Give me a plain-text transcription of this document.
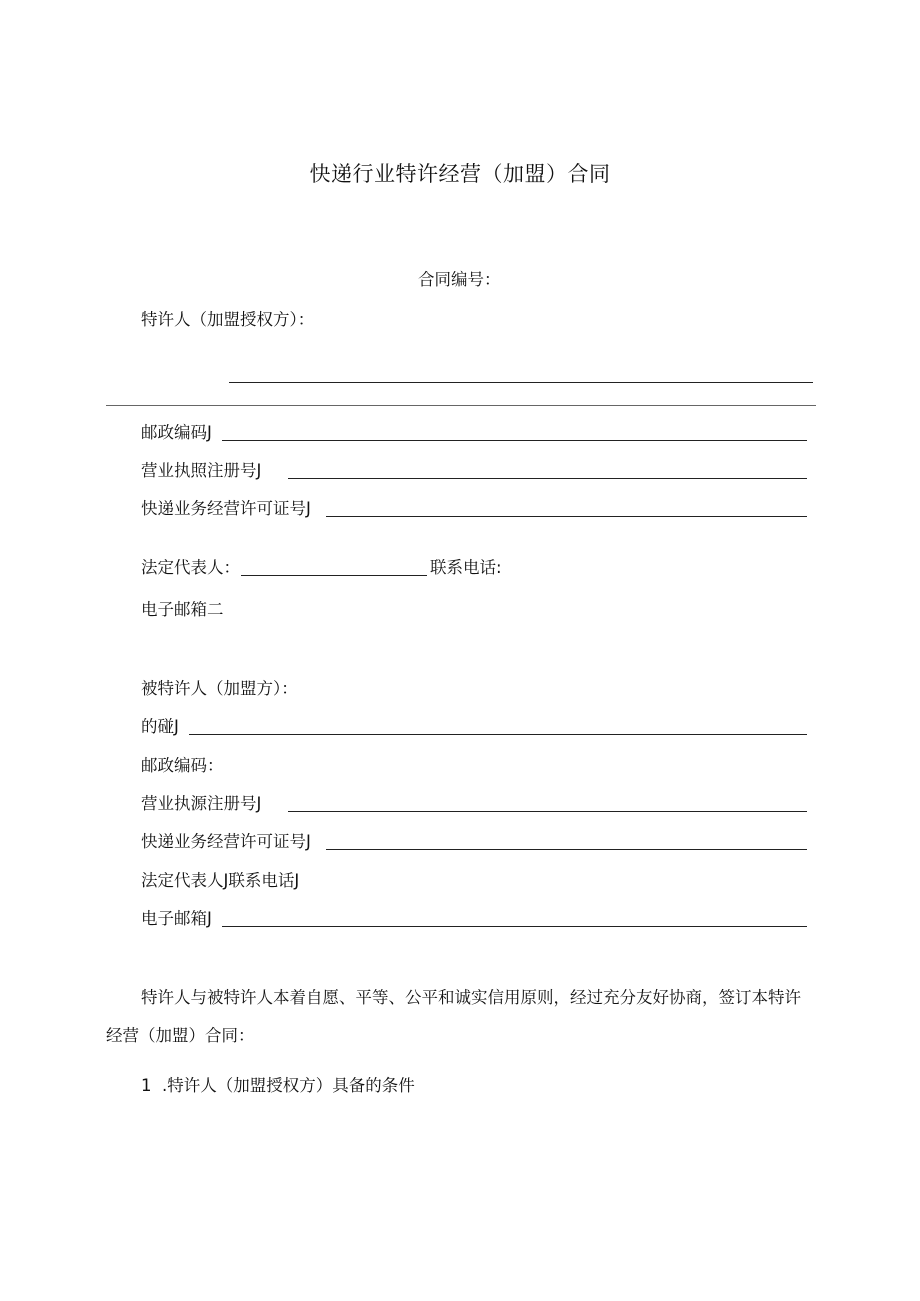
快递行业特许经营（加盟）合同
合同编号：
特许人（加盟授权方）：
邮政编码J
营业执照注册号J
快递业务经营许可证号J
法定代表人：	联系电话:
电子邮箱二
被特许人（加盟方）：
的碰J
邮政编码：
营业执源注册号J
快递业务经营许可证号J
法定代表人J联系电话J
电子邮箱J
特许人与被特许人本着自愿、平等、公平和诚实信用原则，经过充分友好协商，签订本特许
经营（加盟）合同：
1 .特许人（加盟授权方）具备的条件
